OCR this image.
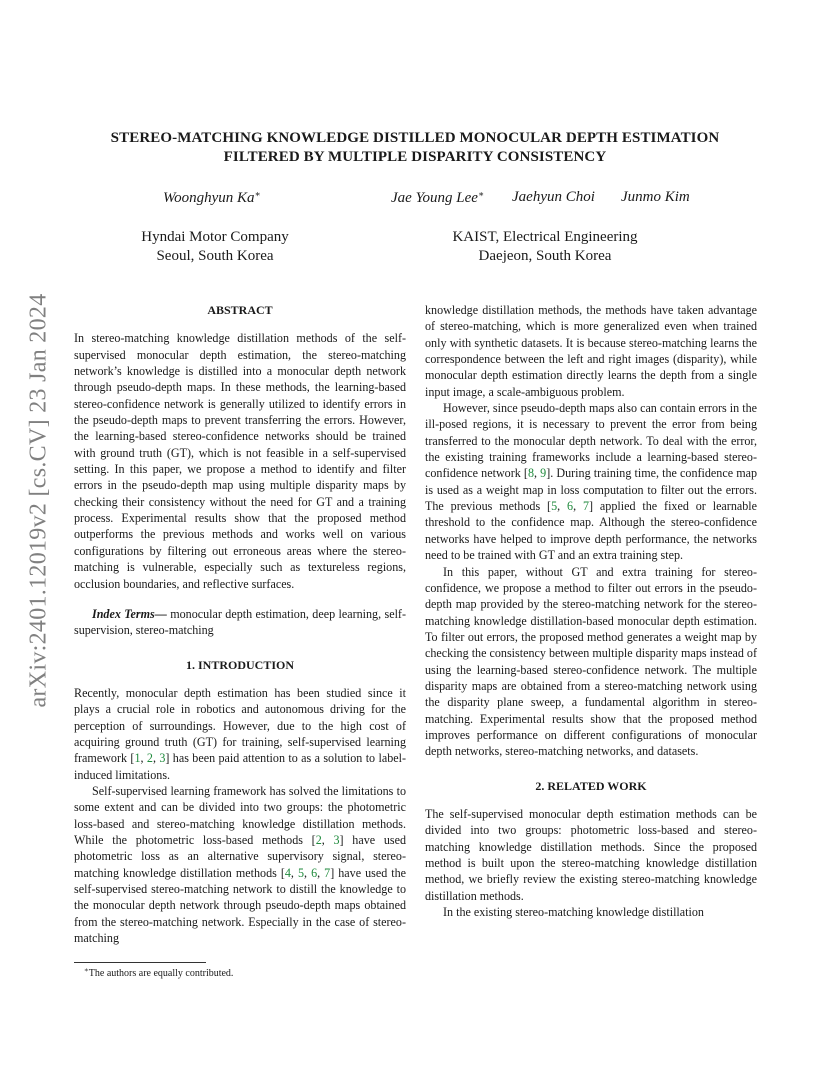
arXiv:2401.12019v2 [cs.CV] 23 Jan 2024
STEREO-MATCHING KNOWLEDGE DISTILLED MONOCULAR DEPTH ESTIMATION
FILTERED BY MULTIPLE DISPARITY CONSISTENCY
Woonghyun Ka∗	Jae Young Lee∗ Jaehyun Choi Junmo Kim
Hyndai Motor Company
Seoul, South Korea
KAIST, Electrical Engineering
Daejeon, South Korea
ABSTRACT

In stereo-matching knowledge distillation methods of the self-supervised monocular depth estimation, the stereo-matching network’s knowledge is distilled into a monocular depth network through pseudo-depth maps. In these methods, the learning-based stereo-confidence network is generally utilized to identify errors in the pseudo-depth maps to prevent transferring the errors. However, the learning-based stereo-confidence networks should be trained with ground truth (GT), which is not feasible in a self-supervised setting. In this paper, we propose a method to identify and filter errors in the pseudo-depth map using multiple disparity maps by checking their consistency without the need for GT and a training process. Experimental results show that the proposed method outperforms the previous methods and works well on various configurations by filtering out erroneous areas where the stereo-matching is vulnerable, especially such as textureless regions, occlusion boundaries, and reflective surfaces.

Index Terms— monocular depth estimation, deep learning, self-supervision, stereo-matching

1. INTRODUCTION

Recently, monocular depth estimation has been studied since it plays a crucial role in robotics and autonomous driving for the perception of surroundings. However, due to the high cost of acquiring ground truth (GT) for training, self-supervised learning framework [1, 2, 3] has been paid attention to as a solution to label-induced limitations.

Self-supervised learning framework has solved the limitations to some extent and can be divided into two groups: the photometric loss-based and stereo-matching knowledge distillation methods. While the photometric loss-based methods [2, 3] have used photometric loss as an alternative supervisory signal, stereo-matching knowledge distillation methods [4, 5, 6, 7] have used the self-supervised stereo-matching network to distill the knowledge to the monocular depth network through pseudo-depth maps obtained from the stereo-matching network. Especially in the case of stereo-matching

knowledge distillation methods, the methods have taken advantage of stereo-matching, which is more generalized even when trained only with synthetic datasets. It is because stereo-matching learns the correspondence between the left and right images (disparity), while monocular depth estimation directly learns the depth from a single input image, a scale-ambiguous problem.

However, since pseudo-depth maps also can contain errors in the ill-posed regions, it is necessary to prevent the error from being transferred to the monocular depth network. To deal with the error, the existing training frameworks include a learning-based stereo-confidence network [8, 9]. During training time, the confidence map is used as a weight map in loss computation to filter out the errors. The previous methods [5, 6, 7] applied the fixed or learnable threshold to the confidence map. Although the stereo-confidence networks have helped to improve depth performance, the networks need to be trained with GT and an extra training step.

In this paper, without GT and extra training for stereo-confidence, we propose a method to filter out errors in the pseudo-depth map provided by the stereo-matching network for the stereo-matching knowledge distillation-based monocular depth estimation. To filter out errors, the proposed method generates a weight map by checking the consistency between multiple disparity maps instead of using the learning-based stereo-confidence network. The multiple disparity maps are obtained from a stereo-matching network using the disparity plane sweep, a fundamental algorithm in stereo-matching. Experimental results show that the proposed method improves performance on different configurations of monocular depth networks, stereo-matching networks, and datasets.

2. RELATED WORK

The self-supervised monocular depth estimation methods can be divided into two groups: photometric loss-based and stereo-matching knowledge distillation methods. Since the proposed method is built upon the stereo-matching knowledge distillation method, we briefly review the existing stereo-matching knowledge distillation methods.

In the existing stereo-matching knowledge distillation

∗The authors are equally contributed.
